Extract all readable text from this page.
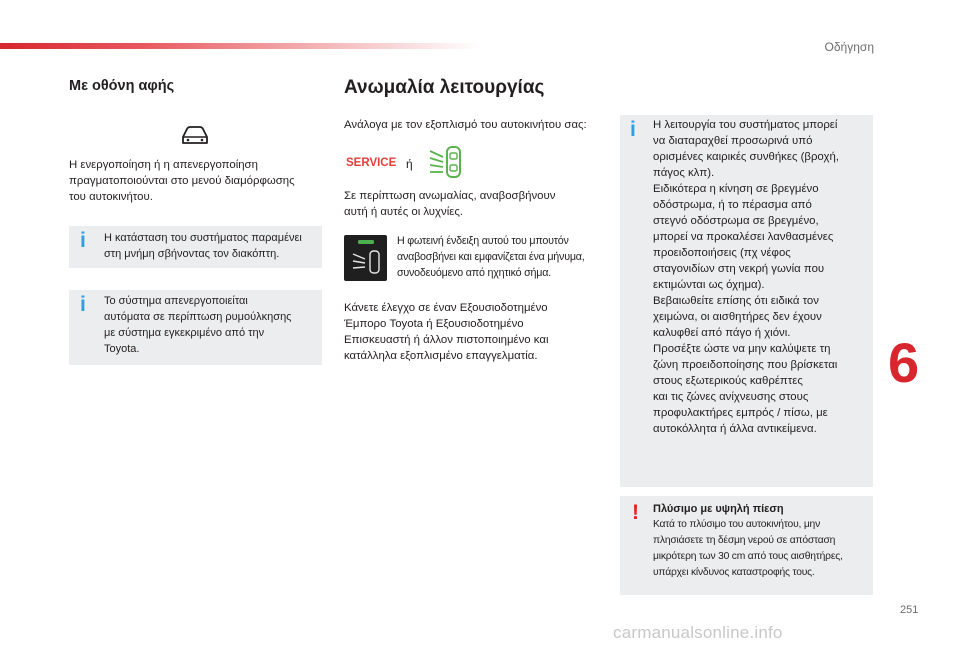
Οδήγηση
Με οθόνη αφής
Η ενεργοποίηση ή η απενεργοποίηση
πραγματοποιούνται στο μενού διαμόρφωσης
του αυτοκινήτου.
i	Η κατάσταση του συστήματος παραμένει
στη μνήμη σβήνοντας τον διακόπτη.
i	Το σύστημα απενεργοποιείται
αυτόματα σε περίπτωση ρυμούλκησης
με σύστημα εγκεκριμένο από την
Toyota.
Ανωμαλία λειτουργίας
Ανάλογα με τον εξοπλισμό του αυτοκινήτου σας:
SERVICE ή
Σε περίπτωση ανωμαλίας, αναβοσβήνουν
αυτή ή αυτές οι λυχνίες.
Η φωτεινή ένδειξη αυτού του μπουτόν
αναβοσβήνει και εμφανίζεται ένα μήνυμα,
συνοδευόμενο από ηχητικό σήμα.
Κάνετε έλεγχο σε έναν Εξουσιοδοτημένο
Έμπορο Toyota ή Εξουσιοδοτημένο
Επισκευαστή ή άλλον πιστοποιημένο και
κατάλληλα εξοπλισμένο επαγγελματία.
i	Η λειτουργία του συστήματος μπορεί
να διαταραχθεί προσωρινά υπό
ορισμένες καιρικές συνθήκες (βροχή,
πάγος κλπ).
Ειδικότερα η κίνηση σε βρεγμένο
οδόστρωμα, ή το πέρασμα από
στεγνό οδόστρωμα σε βρεγμένο,
μπορεί να προκαλέσει λανθασμένες
προειδοποιήσεις (πχ νέφος
σταγονιδίων στη νεκρή γωνία που
εκτιμώνται ως όχημα).
Βεβαιωθείτε επίσης ότι ειδικά τον
χειμώνα, οι αισθητήρες δεν έχουν
καλυφθεί από πάγο ή χιόνι.
Προσέξτε ώστε να μην καλύψετε τη
ζώνη προειδοποίησης που βρίσκεται
στους εξωτερικούς καθρέπτες
και τις ζώνες ανίχνευσης στους
προφυλακτήρες εμπρός / πίσω, με
αυτοκόλλητα ή άλλα αντικείμενα.
! Πλύσιμο με υψηλή πίεση
Κατά το πλύσιμο του αυτοκινήτου, μην
πλησιάσετε τη δέσμη νερού σε απόσταση
μικρότερη των 30 cm από τους αισθητήρες,
υπάρχει κίνδυνος καταστροφής τους.
6
251
carmanualsonline.info
